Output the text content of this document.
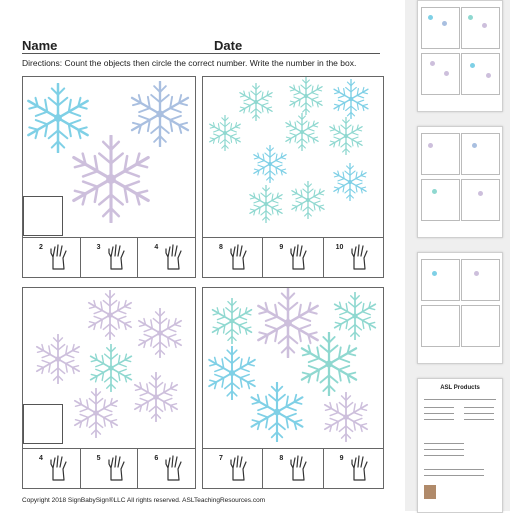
Name	Date
Directions: Count the objects then circle the correct number. Write the number in the box.
2	3	4	8	9	10
4	5	6	7	8	9
Copyright 2018 SignBabySign®LLC All rights reserved. ASLTeachingResources.com
ASL Products
